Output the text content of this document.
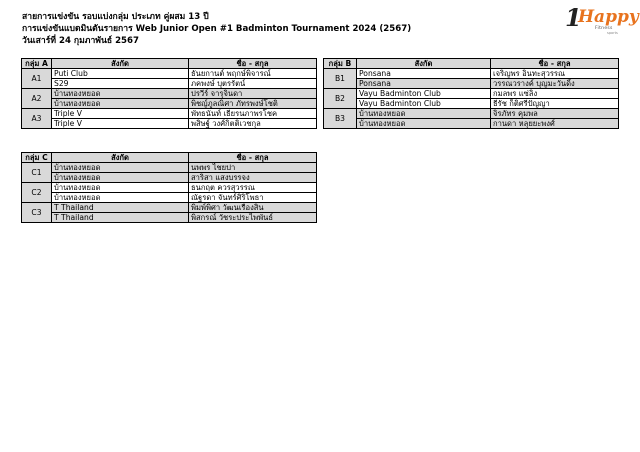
สายการแข่งขัน รอบแบ่งกลุ่ม ประเภท คู่ผสม 13 ปี
การแข่งขันแบดมินตันรายการ Web Junior Open #1 Badminton Tournament 2024 (2567)
วันเสาร์ที่ 24 กุมภาพันธ์ 2567
1
Happy
Fitness
sports
กลุ่ม A	สังกัด	ชื่อ - สกุล
A1	Puti Club	ธันยกานต์ พฤกษ์พิจารณ์
	S29	ภคพงษ์ บุตรรัตน์
A2	บ้านทองหยอด	ปรวีร์ จารุจินดา
	บ้านทองหยอด	พิชญ์ภูลณิศา ภัทรพงษ์โชติ
A3	Triple V	พัทธนันท์ เธียรนภาพรโชค
	Triple V	พสิษฐ์ วงศ์กิตติเวชกุล
กลุ่ม B	สังกัด	ชื่อ - สกุล
B1	Ponsana	เจริญพร อินทะสุวรรณ
	Ponsana	วรรณวรางค์ บุญมะวันดิ์ง
B2	Vayu Badminton Club	กมลพร แซ่ลิ่ง
	Vayu Badminton Club	ธีรัช ก็ติศรีปัญญา
B3	บ้านทองหยอด	จิรภัทร คุมพล
	บ้านทองหยอด	กานดา หลุยยะพงศ์
กลุ่ม C	สังกัด	ชื่อ - สกุล
C1	บ้านทองหยอด	นพพร ไชยปา
	บ้านทองหยอด	สาริสา แสงบรรจง
C2	บ้านทองหยอด	ธนกฤต ควรสุวรรณ
	บ้านทองหยอด	ณัฐรดา จันทร์ศิริโพธา
C3	T Thailand	พิมพ์พิศา วัฒนเรืองสิน
	T Thailand	พิสกรณ์ วัชระประไพพันธ์
